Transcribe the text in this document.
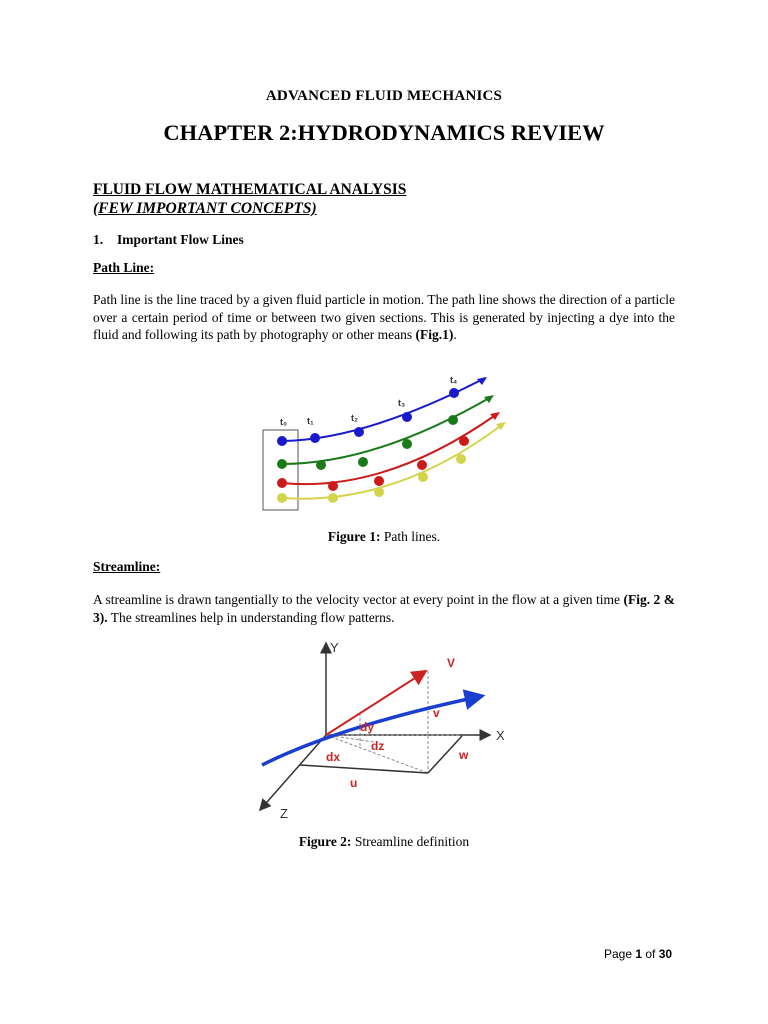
ADVANCED FLUID MECHANICS
CHAPTER 2:HYDRODYNAMICS REVIEW
FLUID FLOW MATHEMATICAL ANALYSIS
(FEW IMPORTANT CONCEPTS)
1. Important Flow Lines
Path Line:

Path line is the line traced by a given fluid particle in motion. The path line shows the direction of a particle over a certain period of time or between two given sections. This is generated by injecting a dye into the fluid and following its path by photography or other means (Fig.1).

t₀ t₁	t₂
t₃
t₄
Figure 1: Path lines.
Streamline:

A streamline is drawn tangentially to the velocity vector at every point in the flow at a given time (Fig. 2 & 3). The streamlines help in understanding flow patterns.

Y
X
Z
V
v
dy
dz
dx	w
u
Figure 2: Streamline definition
Page 1 of 30
